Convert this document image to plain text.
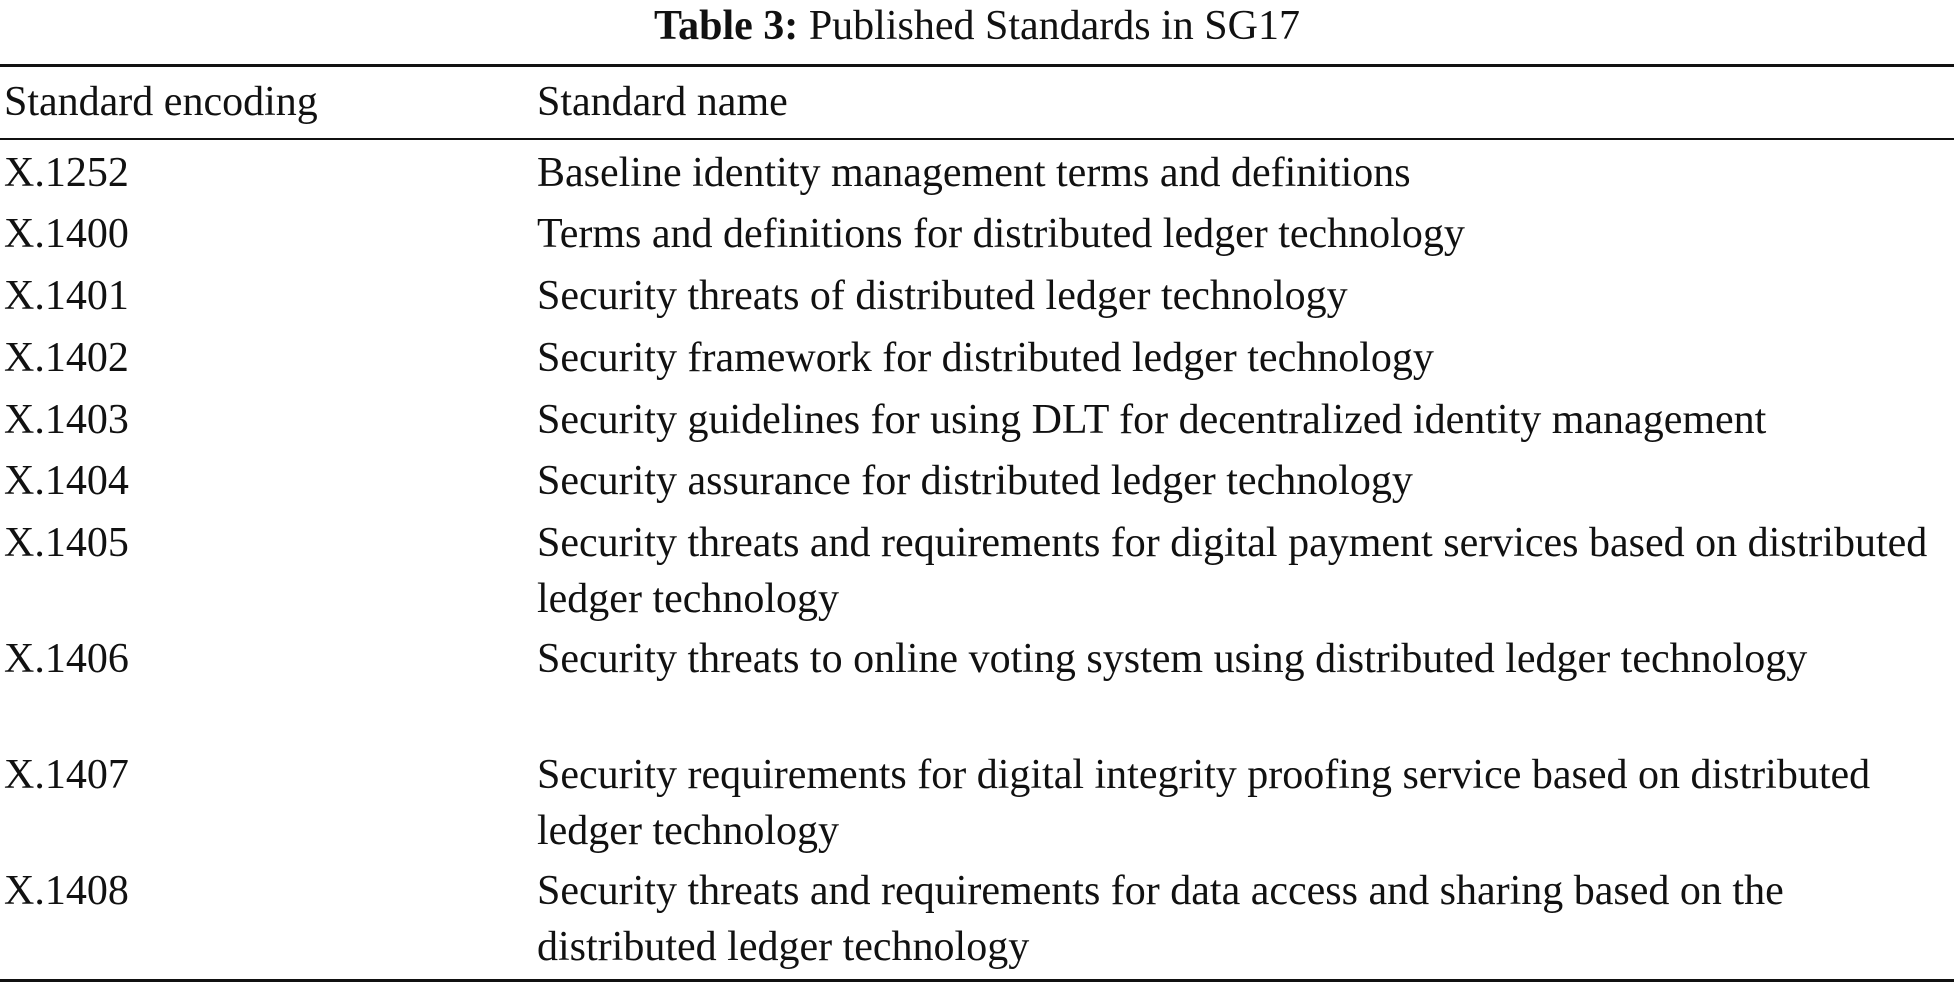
Table 3: Published Standards in SG17
Standard encoding	Standard name
X.1252	Baseline identity management terms and definitions
X.1400	Terms and definitions for distributed ledger technology
X.1401	Security threats of distributed ledger technology
X.1402	Security framework for distributed ledger technology
X.1403	Security guidelines for using DLT for decentralized identity management
X.1404	Security assurance for distributed ledger technology
X.1405	Security threats and requirements for digital payment services based on distributed ledger technology
X.1406	Security threats to online voting system using distributed ledger technology
X.1407	Security requirements for digital integrity proofing service based on distributed ledger technology
X.1408	Security threats and requirements for data access and sharing based on the distributed ledger technology
